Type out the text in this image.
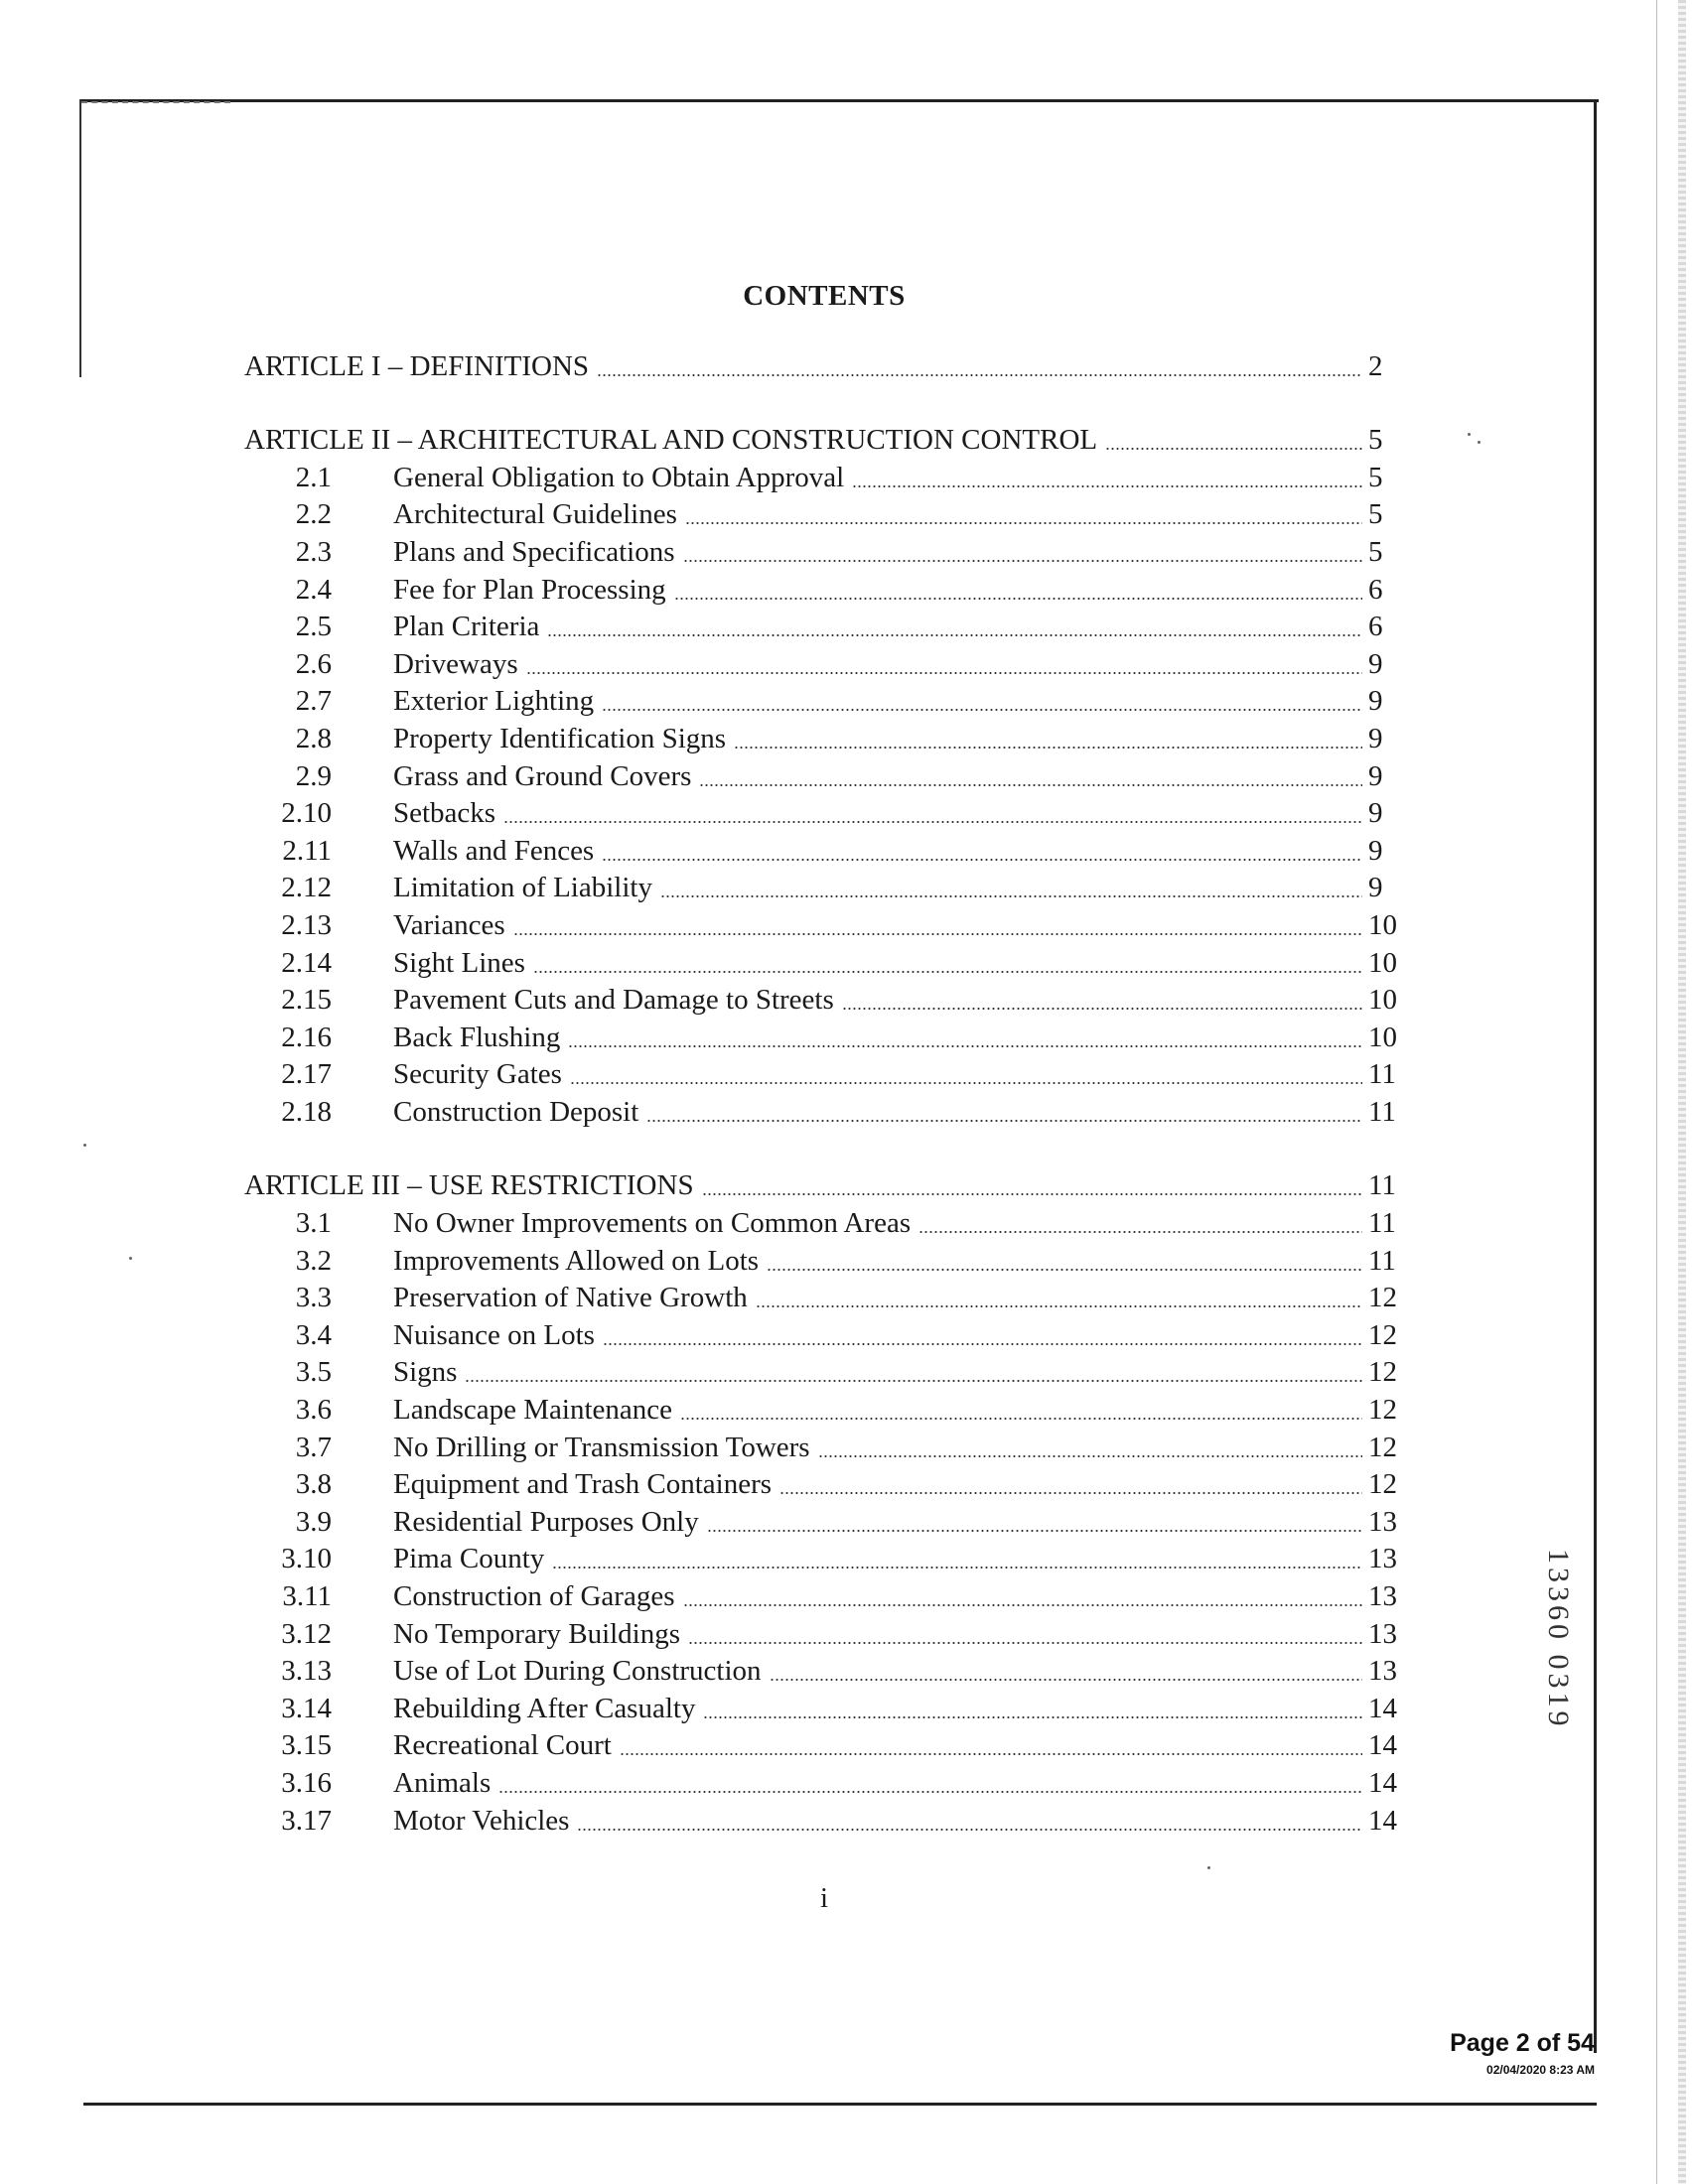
CONTENTS
ARTICLE I – DEFINITIONS	2
ARTICLE II – ARCHITECTURAL AND CONSTRUCTION CONTROL	5
2.1 General Obligation to Obtain Approval	5
2.2 Architectural Guidelines	5
2.3 Plans and Specifications	5
2.4 Fee for Plan Processing	6
2.5 Plan Criteria	6
2.6 Driveways	9
2.7 Exterior Lighting	9
2.8 Property Identification Signs	9
2.9 Grass and Ground Covers	9
2.10 Setbacks	9
2.11 Walls and Fences	9
2.12 Limitation of Liability	9
2.13 Variances	10
2.14 Sight Lines	10
2.15 Pavement Cuts and Damage to Streets	10
2.16 Back Flushing	10
2.17 Security Gates	11
2.18 Construction Deposit	11
ARTICLE III – USE RESTRICTIONS	11
3.1 No Owner Improvements on Common Areas	11
3.2 Improvements Allowed on Lots	11
3.3 Preservation of Native Growth	12
3.4 Nuisance on Lots	12
3.5 Signs	12
3.6 Landscape Maintenance	12
3.7 No Drilling or Transmission Towers	12
3.8 Equipment and Trash Containers	12
3.9 Residential Purposes Only	13
3.10 Pima County	13
3.11 Construction of Garages	13
3.12 No Temporary Buildings	13
3.13 Use of Lot During Construction	13
3.14 Rebuilding After Casualty	14
3.15 Recreational Court	14
3.16 Animals	14
3.17 Motor Vehicles	14
i
13360 0319
Page 2 of 54
02/04/2020 8:23 AM
